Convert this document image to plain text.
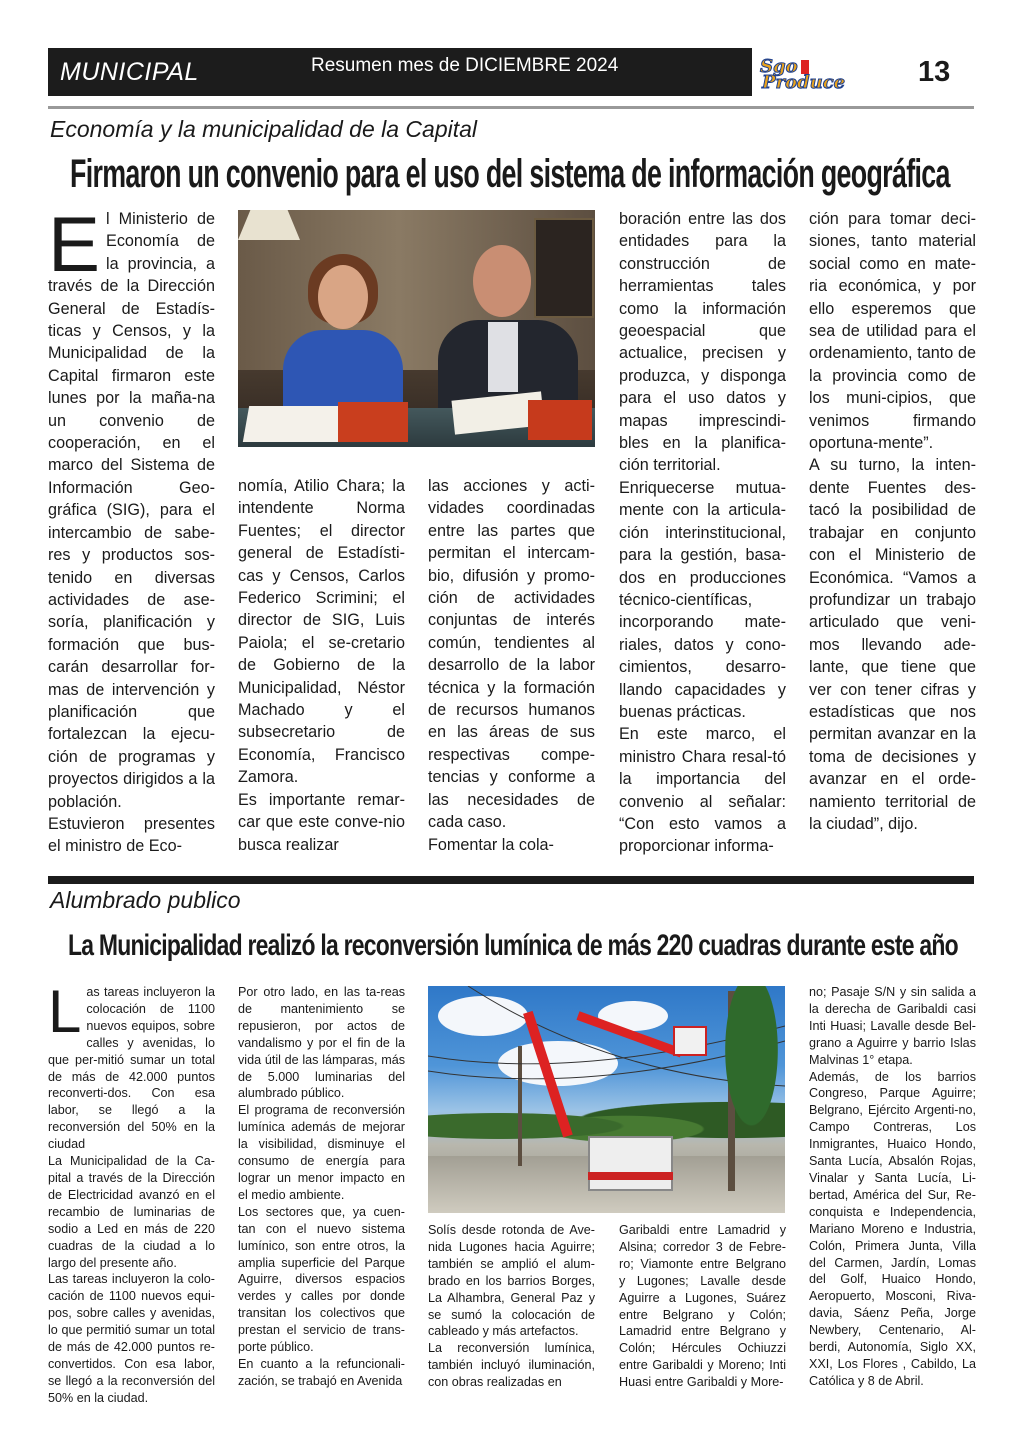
MUNICIPAL	Resumen mes de DICIEMBRE 2024	Sgo
Produce	13
Economía y la municipalidad de la Capital
Firmaron un convenio para el uso del sistema de información geográfica
E l Ministerio de Economía de la provincia, a través de la Dirección General de Estadís-ticas y Censos, y la Municipalidad de la Capital firmaron este lunes por la maña-na un convenio de cooperación, en el marco del Sistema de Información Geo-gráfica (SIG), para el intercambio de sabe-res y productos sos-tenido en diversas actividades de ase-soría, planificación y formación que bus-carán desarrollar for-mas de intervención y planificación que fortalezcan la ejecu-ción de programas y proyectos dirigidos a la población.

Estuvieron presentes el ministro de Eco-

nomía, Atilio Chara; la intendente Norma Fuentes; el director general de Estadísti-cas y Censos, Carlos Federico Scrimini; el director de SIG, Luis Paiola; el se-cretario de Gobierno de la Municipalidad, Néstor Machado y el subsecretario de Economía, Francisco Zamora.

Es importante remar-car que este conve-nio busca realizar

las acciones y acti-vidades coordinadas entre las partes que permitan el intercam-bio, difusión y promo-ción de actividades conjuntas de interés común, tendientes al desarrollo de la labor técnica y la formación de recursos humanos en las áreas de sus respectivas compe-tencias y conforme a las necesidades de cada caso.

Fomentar la cola-

boración entre las dos entidades para la construcción de herramientas tales como la información geoespacial que actualice, precisen y produzca, y disponga para el uso datos y mapas imprescindi-bles en la planifica-ción territorial.

Enriquecerse mutua-mente con la articula-ción interinstitucional, para la gestión, basa-dos en producciones técnico-científicas, incorporando mate-riales, datos y cono-cimientos, desarro-llando capacidades y buenas prácticas.

En este marco, el ministro Chara resal-tó la importancia del convenio al señalar: “Con esto vamos a proporcionar informa-

ción para tomar deci-siones, tanto material social como en mate-ria económica, y por ello esperemos que sea de utilidad para el ordenamiento, tanto de la provincia como de los muni-cipios, que venimos firmando oportuna-mente”.

A su turno, la inten-dente Fuentes des-tacó la posibilidad de trabajar en conjunto con el Ministerio de Económica. “Vamos a profundizar un trabajo articulado que veni-mos llevando ade-lante, que tiene que ver con tener cifras y estadísticas que nos permitan avanzar en la toma de decisiones y avanzar en el orde-namiento territorial de la ciudad”, dijo.

Alumbrado publico
La Municipalidad realizó la reconversión lumínica de más 220 cuadras durante este año
L as tareas incluyeron la colocación de 1100 nuevos equipos, sobre calles y avenidas, lo que per-mitió sumar un total de más de 42.000 puntos reconverti-dos. Con esa labor, se llegó a la reconversión del 50% en la ciudad

La Municipalidad de la Ca-pital a través de la Dirección de Electricidad avanzó en el recambio de luminarias de sodio a Led en más de 220 cuadras de la ciudad a lo largo del presente año.

Las tareas incluyeron la colo-cación de 1100 nuevos equi-pos, sobre calles y avenidas, lo que permitió sumar un total de más de 42.000 puntos re-convertidos. Con esa labor, se llegó a la reconversión del 50% en la ciudad.

Por otro lado, en las ta-reas de mantenimiento se repusieron, por actos de vandalismo y por el fin de la vida útil de las lámparas, más de 5.000 luminarias del alumbrado público.

El programa de reconversión lumínica además de mejorar la visibilidad, disminuye el consumo de energía para lograr un menor impacto en el medio ambiente.

Los sectores que, ya cuen-tan con el nuevo sistema lumínico, son entre otros, la amplia superficie del Parque Aguirre, diversos espacios verdes y calles por donde transitan los colectivos que prestan el servicio de trans-porte público.

En cuanto a la refuncionali-zación, se trabajó en Avenida

Solís desde rotonda de Ave-nida Lugones hacia Aguirre; también se amplió el alum-brado en los barrios Borges, La Alhambra, General Paz y se sumó la colocación de cableado y más artefactos.

La reconversión lumínica, también incluyó iluminación, con obras realizadas en

Garibaldi entre Lamadrid y Alsina; corredor 3 de Febre-ro; Viamonte entre Belgrano y Lugones; Lavalle desde Aguirre a Lugones, Suárez entre Belgrano y Colón; Lamadrid entre Belgrano y Colón; Hércules Ochiuzzi entre Garibaldi y Moreno; Inti Huasi entre Garibaldi y More-

no; Pasaje S/N y sin salida a la derecha de Garibaldi casi Inti Huasi; Lavalle desde Bel-grano a Aguirre y barrio Islas Malvinas 1° etapa.

Además, de los barrios Congreso, Parque Aguirre; Belgrano, Ejército Argenti-no, Campo Contreras, Los Inmigrantes, Huaico Hondo, Santa Lucía, Absalón Rojas, Vinalar y Santa Lucía, Li-bertad, América del Sur, Re-conquista e Independencia, Mariano Moreno e Industria, Colón, Primera Junta, Villa del Carmen, Jardín, Lomas del Golf, Huaico Hondo, Aeropuerto, Mosconi, Riva-davia, Sáenz Peña, Jorge Newbery, Centenario, Al-berdi, Autonomía, Siglo XX, XXI, Los Flores , Cabildo, La Católica y 8 de Abril.
